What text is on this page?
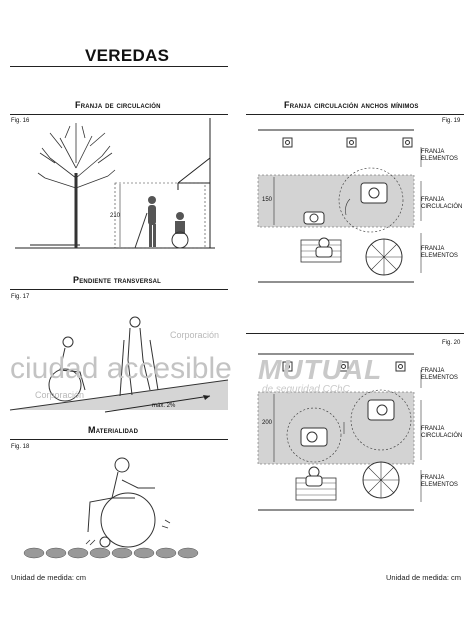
VEREDAS
Franja de circulación
Fig. 16
210
Pendiente transversal
Fig. 17
máx. 2%
Materialidad
Fig. 18
Corporación
ciudad accesible
Corporación
Franja circulación anchos mínimos
Fig. 19
150
FRANJA
ELEMENTOS
FRANJA
CIRCULACIÓN
FRANJA
ELEMENTOS
Fig. 20
200
FRANJA
ELEMENTOS
FRANJA
CIRCULACIÓN
FRANJA
ELEMENTOS
MUTUAL
de seguridad CChC
Unidad de medida: cm	Unidad de medida: cm
